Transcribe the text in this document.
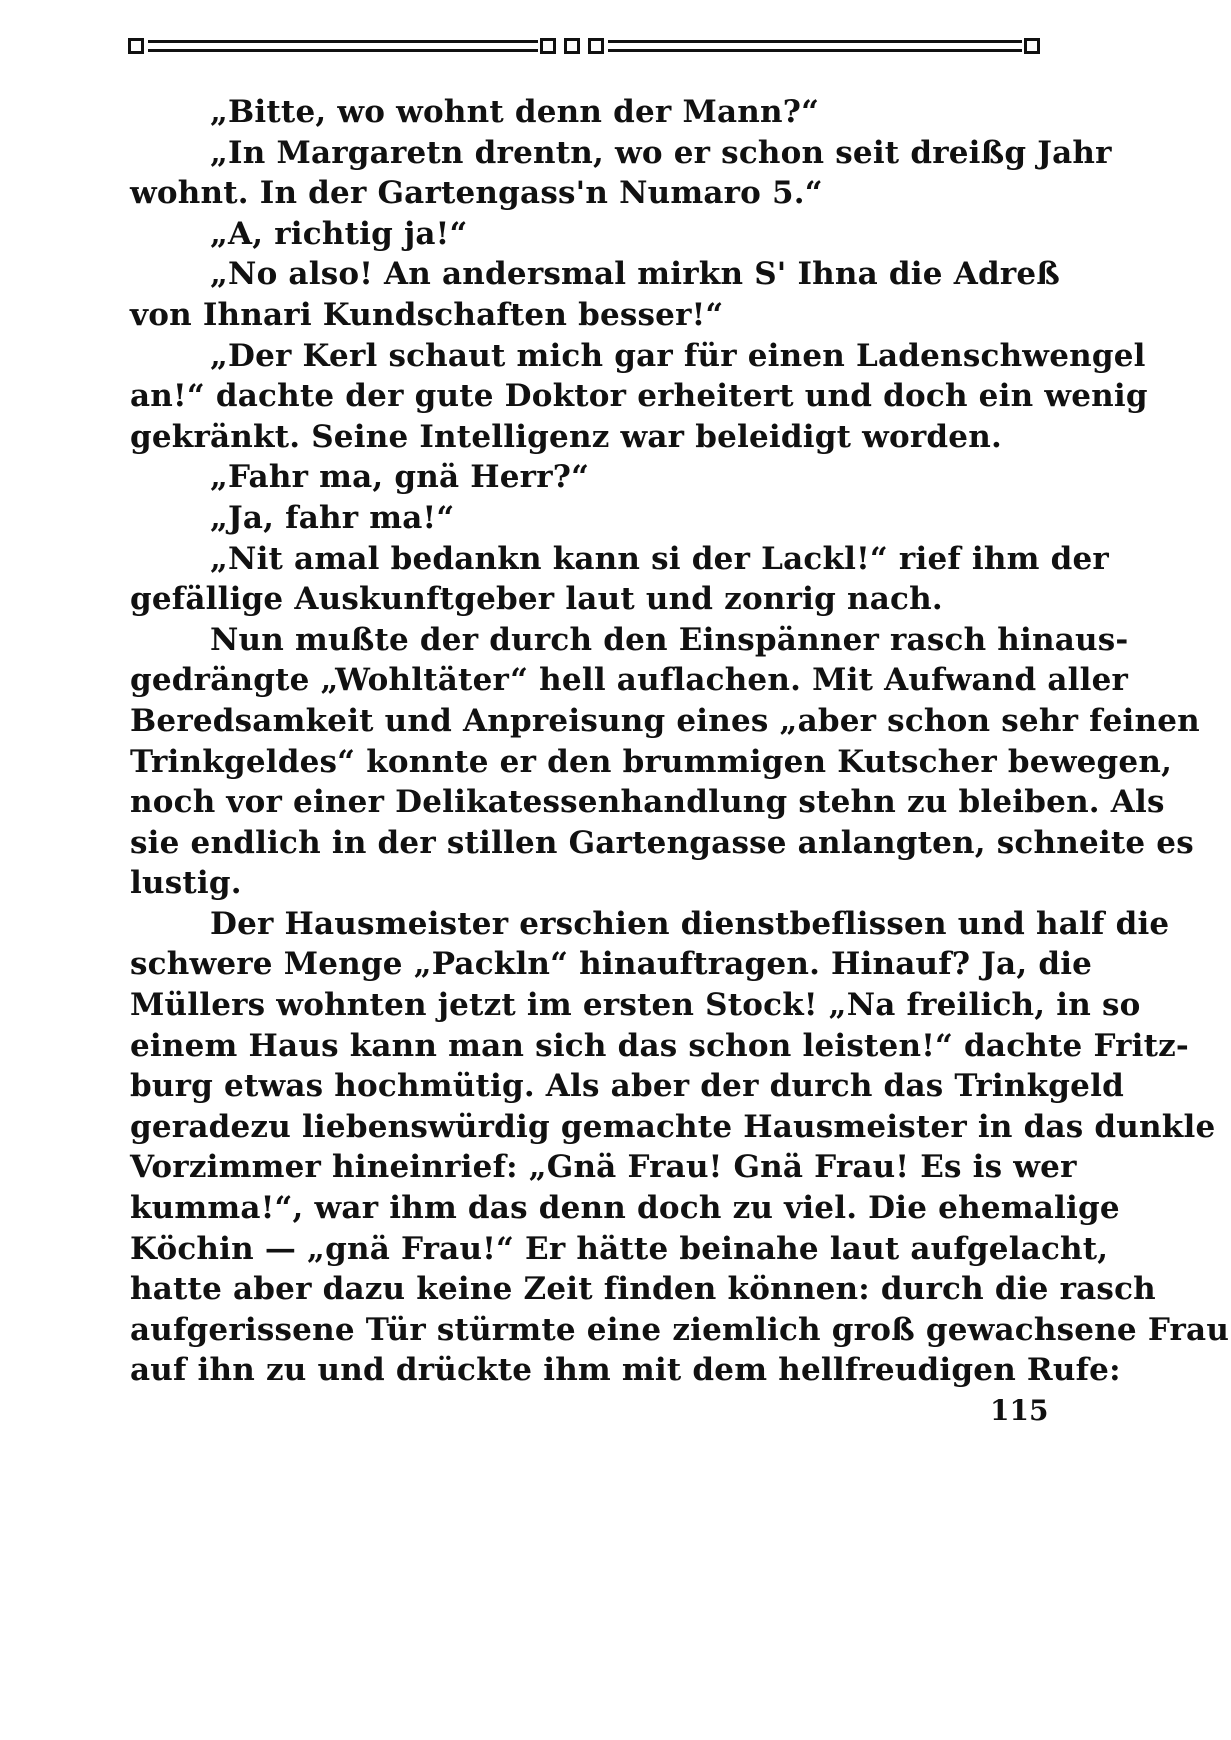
„Bitte, wo wohnt denn der Mann?“
„In Margaretn drentn, wo er schon seit dreißg Jahr
wohnt. In der Gartengass'n Numaro 5.“
„A, richtig ja!“
„No also! An andersmal mirkn S' Ihna die Adreß
von Ihnari Kundschaften besser!“
„Der Kerl schaut mich gar für einen Ladenschwengel
an!“ dachte der gute Doktor erheitert und doch ein wenig
gekränkt. Seine Intelligenz war beleidigt worden.
„Fahr ma, gnä Herr?“
„Ja, fahr ma!“
„Nit amal bedankn kann si der Lackl!“ rief ihm der
gefällige Auskunftgeber laut und zonrig nach.
Nun mußte der durch den Einspänner rasch hinaus-
gedrängte „Wohltäter“ hell auflachen. Mit Aufwand aller
Beredsamkeit und Anpreisung eines „aber schon sehr feinen
Trinkgeldes“ konnte er den brummigen Kutscher bewegen,
noch vor einer Delikatessenhandlung stehn zu bleiben. Als
sie endlich in der stillen Gartengasse anlangten, schneite es
lustig.
Der Hausmeister erschien dienstbeflissen und half die
schwere Menge „Packln“ hinauftragen. Hinauf? Ja, die
Müllers wohnten jetzt im ersten Stock! „Na freilich, in so
einem Haus kann man sich das schon leisten!“ dachte Fritz-
burg etwas hochmütig. Als aber der durch das Trinkgeld
geradezu liebenswürdig gemachte Hausmeister in das dunkle
Vorzimmer hineinrief: „Gnä Frau! Gnä Frau! Es is wer
kumma!“, war ihm das denn doch zu viel. Die ehemalige
Köchin — „gnä Frau!“ Er hätte beinahe laut aufgelacht,
hatte aber dazu keine Zeit finden können: durch die rasch
aufgerissene Tür stürmte eine ziemlich groß gewachsene Frau
auf ihn zu und drückte ihm mit dem hellfreudigen Rufe:
115
